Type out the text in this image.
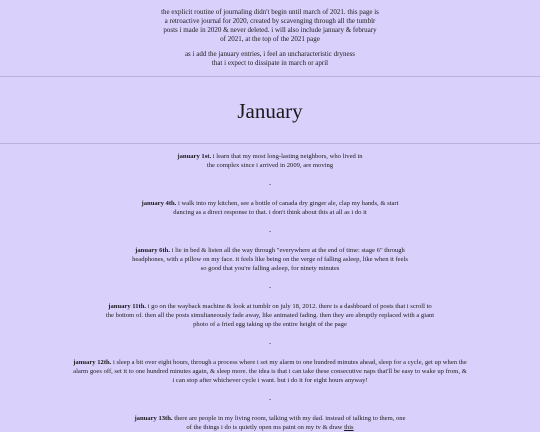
the explicit routine of journaling didn't begin until march of 2021. this page is a retroactive journal for 2020, created by scavenging through all the tumblr posts i made in 2020 & never deleted. i will also include january & february of 2021, at the top of the 2021 page

as i add the january entries, i feel an uncharacteristic dryness that i expect to dissipate in march or april

January
january 1st. i learn that my most long-lasting neighbors, who lived in the complex since i arrived in 2009, are moving
-
january 4th. i walk into my kitchen, see a bottle of canada dry ginger ale, clap my hands, & start dancing as a direct response to that. i don't think about this at all as i do it
-
january 6th. i lie in bed & listen all the way through "everywhere at the end of time: stage 6" through headphones, with a pillow on my face. it feels like being on the verge of falling asleep, like when it feels so good that you're falling asleep, for ninety minutes
-
january 11th. i go on the wayback machine & look at tumblr on july 18, 2012. there is a dashboard of posts that i scroll to the bottom of. then all the posts simultaneously fade away, like animated fading. then they are abruptly replaced with a giant photo of a fried egg taking up the entire height of the page
-
january 12th. i sleep a bit over eight hours, through a process where i set my alarm to one hundred minutes ahead, sleep for a cycle, get up when the alarm goes off, set it to one hundred minutes again, & sleep more. the idea is that i can take these consecutive naps that'll be easy to wake up from, & i can stop after whichever cycle i want. but i do it for eight hours anyway!
-
january 13th. there are people in my living room, talking with my dad. instead of talking to them, one of the things i do is quietly open ms paint on my tv & draw this
